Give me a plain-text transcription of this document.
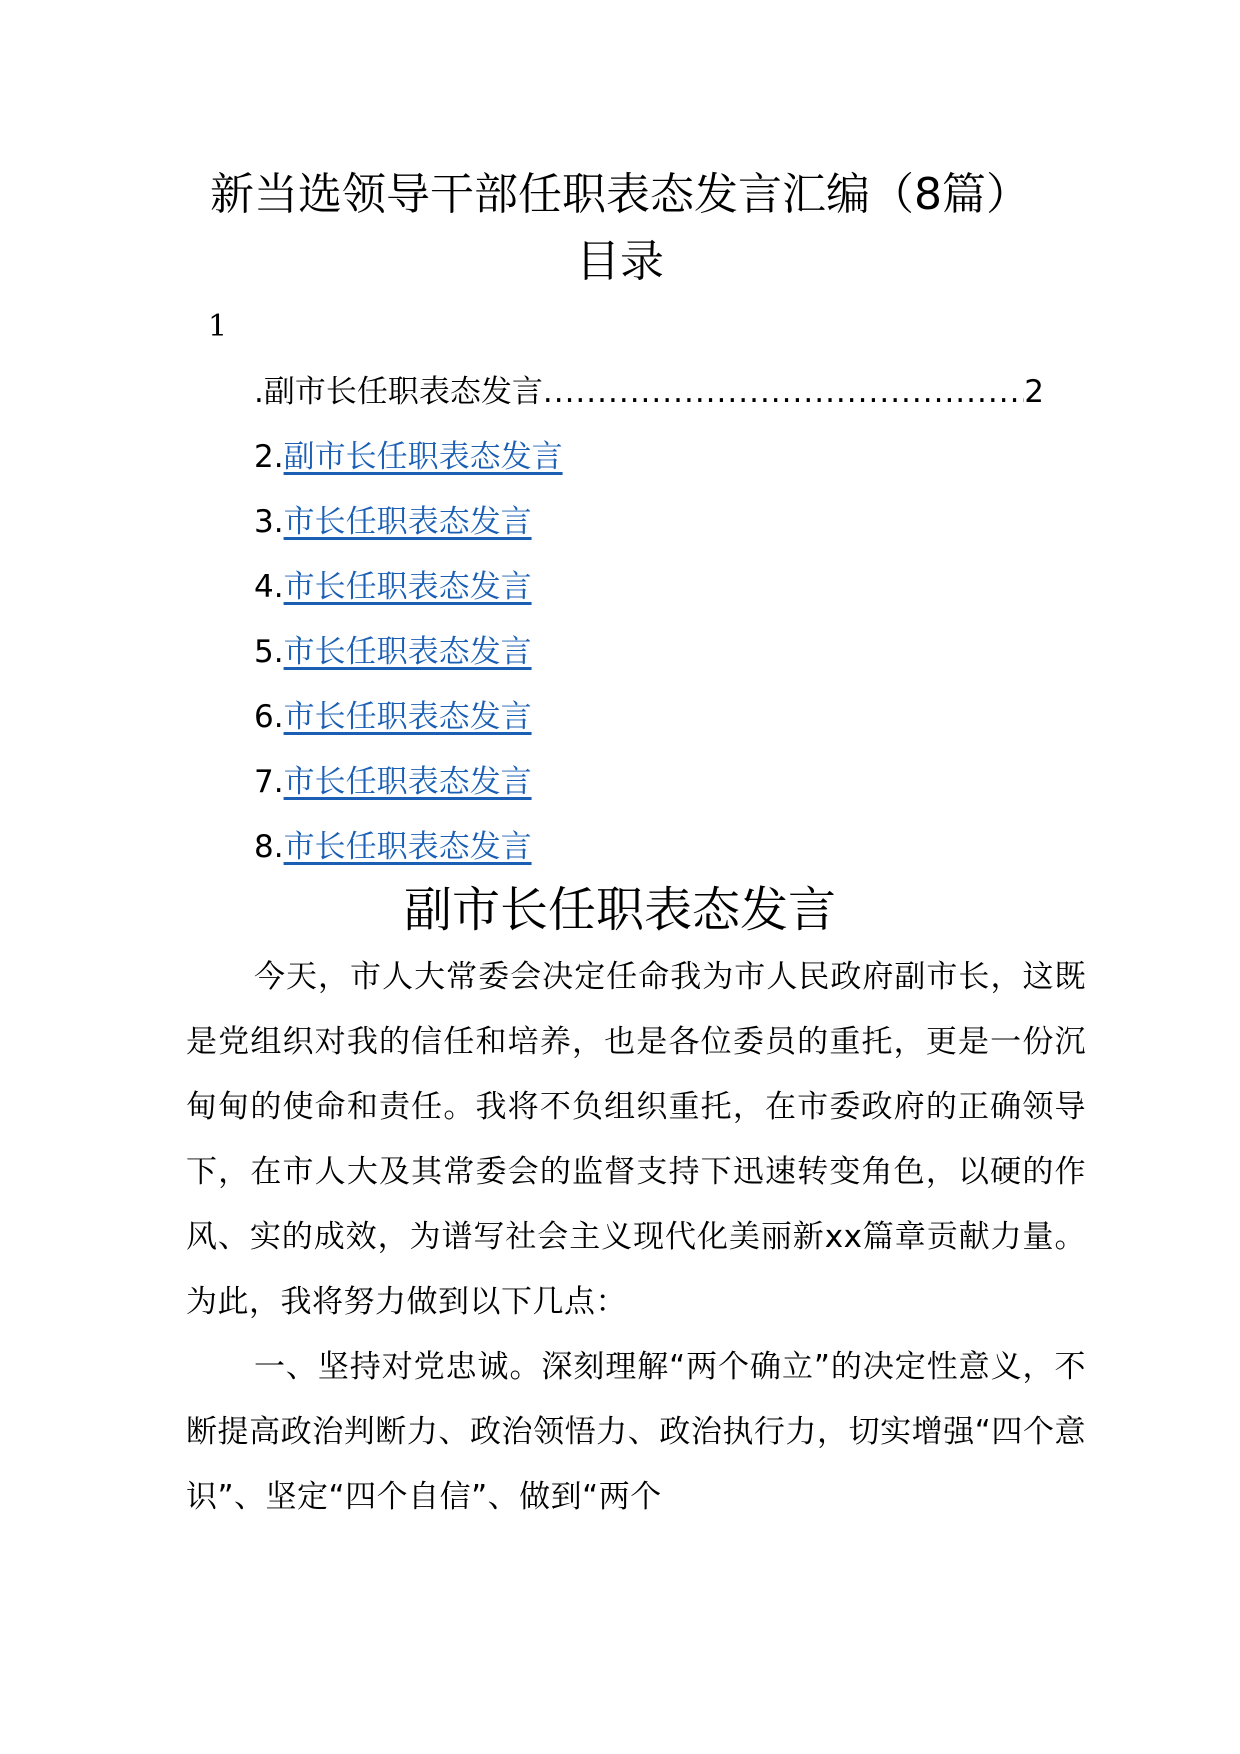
新当选领导干部任职表态发言汇编（8篇）
目录
1
. 副市长任职表态发言
.....	2
2.副市长任职表态发言
3.市长任职表态发言
4.市长任职表态发言
5.市长任职表态发言
6.市长任职表态发言
7.市长任职表态发言
8.市长任职表态发言
副市长任职表态发言

今天，市人大常委会决定任命我为市人民政府副市长，这既是党组织对我的信任和培养，也是各位委员的重托，更是一份沉甸甸的使命和责任。我将不负组织重托，在市委政府的正确领导下，在市人大及其常委会的监督支持下迅速转变角色，以硬的作风、实的成效，为谱写社会主义现代化美丽新xx篇章贡献力量。为此，我将努力做到以下几点：

一、坚持对党忠诚。深刻理解“两个确立”的决定性意义，不断提高政治判断力、政治领悟力、政治执行力，切实增强“四个意识”、坚定“四个自信”、做到“两个
